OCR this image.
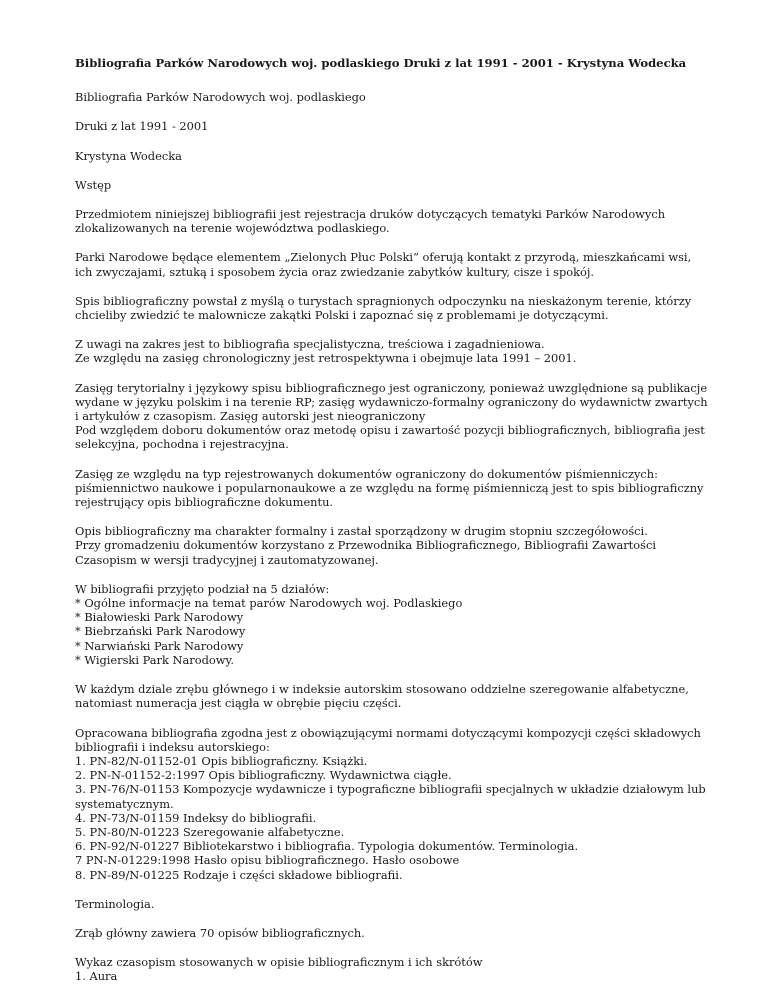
Bibliografia Parków Narodowych woj. podlaskiego Druki z lat 1991 - 2001 - Krystyna Wodecka
Bibliografia Parków Narodowych woj. podlaskiego
Druki z lat 1991 - 2001
Krystyna Wodecka
Wstęp
Przedmiotem niniejszej bibliografii jest rejestracja druków dotyczących tematyki Parków Narodowych
zlokalizowanych na terenie województwa podlaskiego.
Parki Narodowe będące elementem „Zielonych Płuc Polski” oferują kontakt z przyrodą, mieszkańcami wsi,
ich zwyczajami, sztuką i sposobem życia oraz zwiedzanie zabytków kultury, cisze i spokój.
Spis bibliograficzny powstał z myślą o turystach spragnionych odpoczynku na nieskażonym terenie, którzy
chcieliby zwiedzić te malownicze zakątki Polski i zapoznać się z problemami je dotyczącymi.
Z uwagi na zakres jest to bibliografia specjalistyczna, treściowa i zagadnieniowa.
Ze względu na zasięg chronologiczny jest retrospektywna i obejmuje lata 1991 – 2001.
Zasięg terytorialny i językowy spisu bibliograficznego jest ograniczony, ponieważ uwzględnione są publikacje
wydane w języku polskim i na terenie RP; zasięg wydawniczo-formalny ograniczony do wydawnictw zwartych
i artykułów z czasopism. Zasięg autorski jest nieograniczony
Pod względem doboru dokumentów oraz metodę opisu i zawartość pozycji bibliograficznych, bibliografia jest
selekcyjna, pochodna i rejestracyjna.
Zasięg ze względu na typ rejestrowanych dokumentów ograniczony do dokumentów piśmienniczych:
piśmiennictwo naukowe i popularnonaukowe a ze względu na formę piśmienniczą jest to spis bibliograficzny
rejestrujący opis bibliograficzne dokumentu.
Opis bibliograficzny ma charakter formalny i zastał sporządzony w drugim stopniu szczegółowości.
Przy gromadzeniu dokumentów korzystano z Przewodnika Bibliograficznego, Bibliografii Zawartości
Czasopism w wersji tradycyjnej i zautomatyzowanej.
W bibliografii przyjęto podział na 5 działów:
* Ogólne informacje na temat parów Narodowych woj. Podlaskiego
* Białowieski Park Narodowy
* Biebrzański Park Narodowy
* Narwiański Park Narodowy
* Wigierski Park Narodowy.
W każdym dziale zrębu głównego i w indeksie autorskim stosowano oddzielne szeregowanie alfabetyczne,
natomiast numeracja jest ciągła w obrębie pięciu części.
Opracowana bibliografia zgodna jest z obowiązującymi normami dotyczącymi kompozycji części składowych
bibliografii i indeksu autorskiego:
1. PN-82/N-01152-01 Opis bibliograficzny. Książki.
2. PN-N-01152-2:1997 Opis bibliograficzny. Wydawnictwa ciągłe.
3. PN-76/N-01153 Kompozycje wydawnicze i typograficzne bibliografii specjalnych w układzie działowym lub
systematycznym.
4. PN-73/N-01159 Indeksy do bibliografii.
5. PN-80/N-01223 Szeregowanie alfabetyczne.
6. PN-92/N-01227 Bibliotekarstwo i bibliografia. Typologia dokumentów. Terminologia.
7 PN-N-01229:1998 Hasło opisu bibliograficznego. Hasło osobowe
8. PN-89/N-01225 Rodzaje i części składowe bibliografii.
Terminologia.
Zrąb główny zawiera 70 opisów bibliograficznych.
Wykaz czasopism stosowanych w opisie bibliograficznym i ich skrótów
1. Aura
